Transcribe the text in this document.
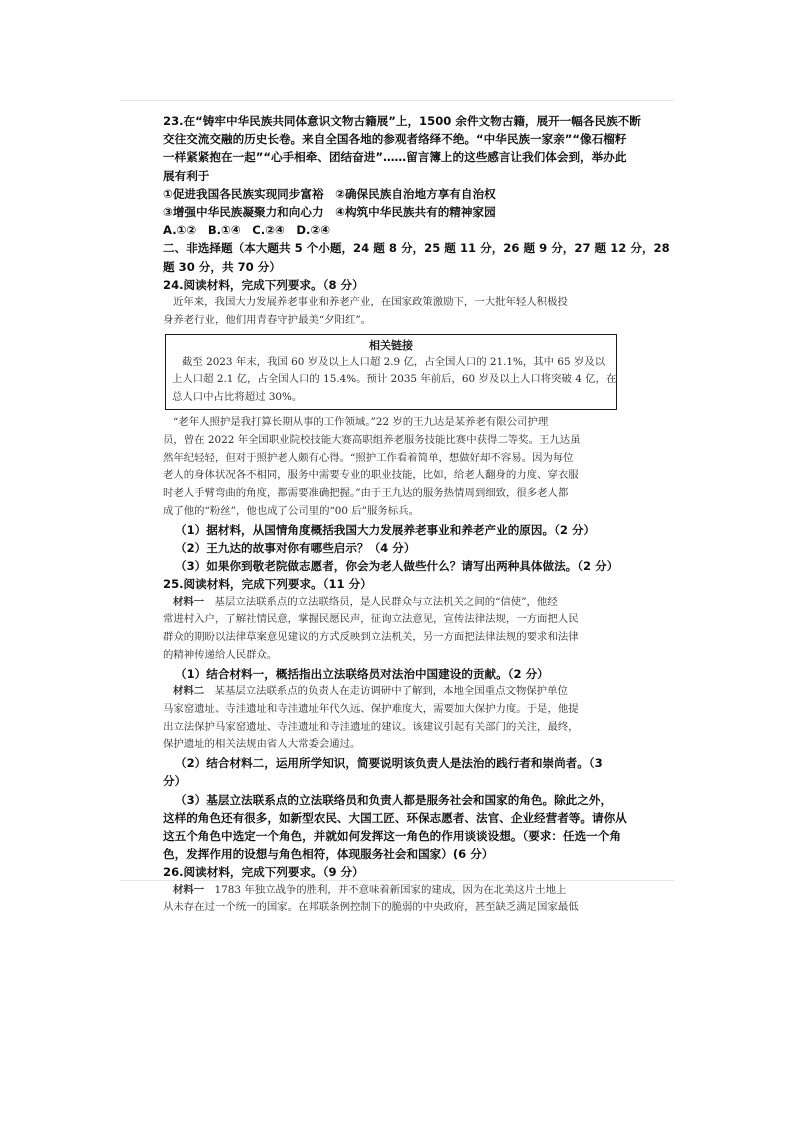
23.在“铸牢中华民族共同体意识文物古籍展”上，1500 余件文物古籍，展开一幅各民族不断

交往交流交融的历史长卷。来自全国各地的参观者络绎不绝。“中华民族一家亲”“像石榴籽

一样紧紧抱在一起”“心手相牵、团结奋进”……留言簿上的这些感言让我们体会到，举办此

展有利于

①促进我国各民族实现同步富裕　②确保民族自治地方享有自治权

③增强中华民族凝聚力和向心力　④构筑中华民族共有的精神家园

A.①②　B.①④　C.②④　D.②④

二、非选择题（本大题共 5 个小题，24 题 8 分，25 题 11 分，26 题 9 分，27 题 12 分，28

题 30 分，共 70 分）

24.阅读材料，完成下列要求。（8 分）

近年来，我国大力发展养老事业和养老产业，在国家政策激励下，一大批年轻人积极投

身养老行业，他们用青春守护最美“夕阳红”。

相关链接

截至 2023 年末，我国 60 岁及以上人口超 2.9 亿，占全国人口的 21.1%，其中 65 岁及以

上人口超 2.1 亿，占全国人口的 15.4%。预计 2035 年前后，60 岁及以上人口将突破 4 亿，在

总人口中占比将超过 30%。

“老年人照护是我打算长期从事的工作领域。”22 岁的王九达是某养老有限公司护理

员，曾在 2022 年全国职业院校技能大赛高职组养老服务技能比赛中获得二等奖。王九达虽

然年纪轻轻，但对于照护老人颇有心得。“照护工作看着简单，想做好却不容易。因为每位

老人的身体状况各不相同，服务中需要专业的职业技能，比如，给老人翻身的力度、穿衣服

时老人手臂弯曲的角度，都需要准确把握。”由于王九达的服务热情周到细致，很多老人都

成了他的“粉丝”，他也成了公司里的“00 后”服务标兵。

（1）据材料，从国情角度概括我国大力发展养老事业和养老产业的原因。（2 分）

（2）王九达的故事对你有哪些启示？（4 分）

（3）如果你到敬老院做志愿者，你会为老人做些什么？请写出两种具体做法。（2 分）

25.阅读材料，完成下列要求。（11 分）

材料一　基层立法联系点的立法联络员，是人民群众与立法机关之间的“信使”，他经

常进村入户，了解社情民意，掌握民愿民声，征询立法意见，宣传法律法规，一方面把人民

群众的期盼以法律草案意见建议的方式反映到立法机关，另一方面把法律法规的要求和法律

的精神传递给人民群众。

（1）结合材料一，概括指出立法联络员对法治中国建设的贡献。（2 分）

材料二　某基层立法联系点的负责人在走访调研中了解到，本地全国重点文物保护单位

马家窑遗址、寺洼遗址和寺洼遗址年代久远、保护难度大，需要加大保护力度。于是，他提

出立法保护马家窑遗址、寺洼遗址和寺洼遗址的建议。该建议引起有关部门的关注，最终，

保护遗址的相关法规由省人大常委会通过。

（2）结合材料二，运用所学知识，简要说明该负责人是法治的践行者和崇尚者。（3

分）

（3）基层立法联系点的立法联络员和负责人都是服务社会和国家的角色。除此之外，

这样的角色还有很多，如新型农民、大国工匠、环保志愿者、法官、企业经营者等。请你从

这五个角色中选定一个角色，并就如何发挥这一角色的作用谈谈设想。（要求：任选一个角

色，发挥作用的设想与角色相符，体现服务社会和国家）(6 分）

26.阅读材料，完成下列要求。（9 分）

材料一　1783 年独立战争的胜利，并不意味着新国家的建成，因为在北美这片土地上

从未存在过一个统一的国家。在邦联条例控制下的脆弱的中央政府，甚至缺乏满足国家最低
